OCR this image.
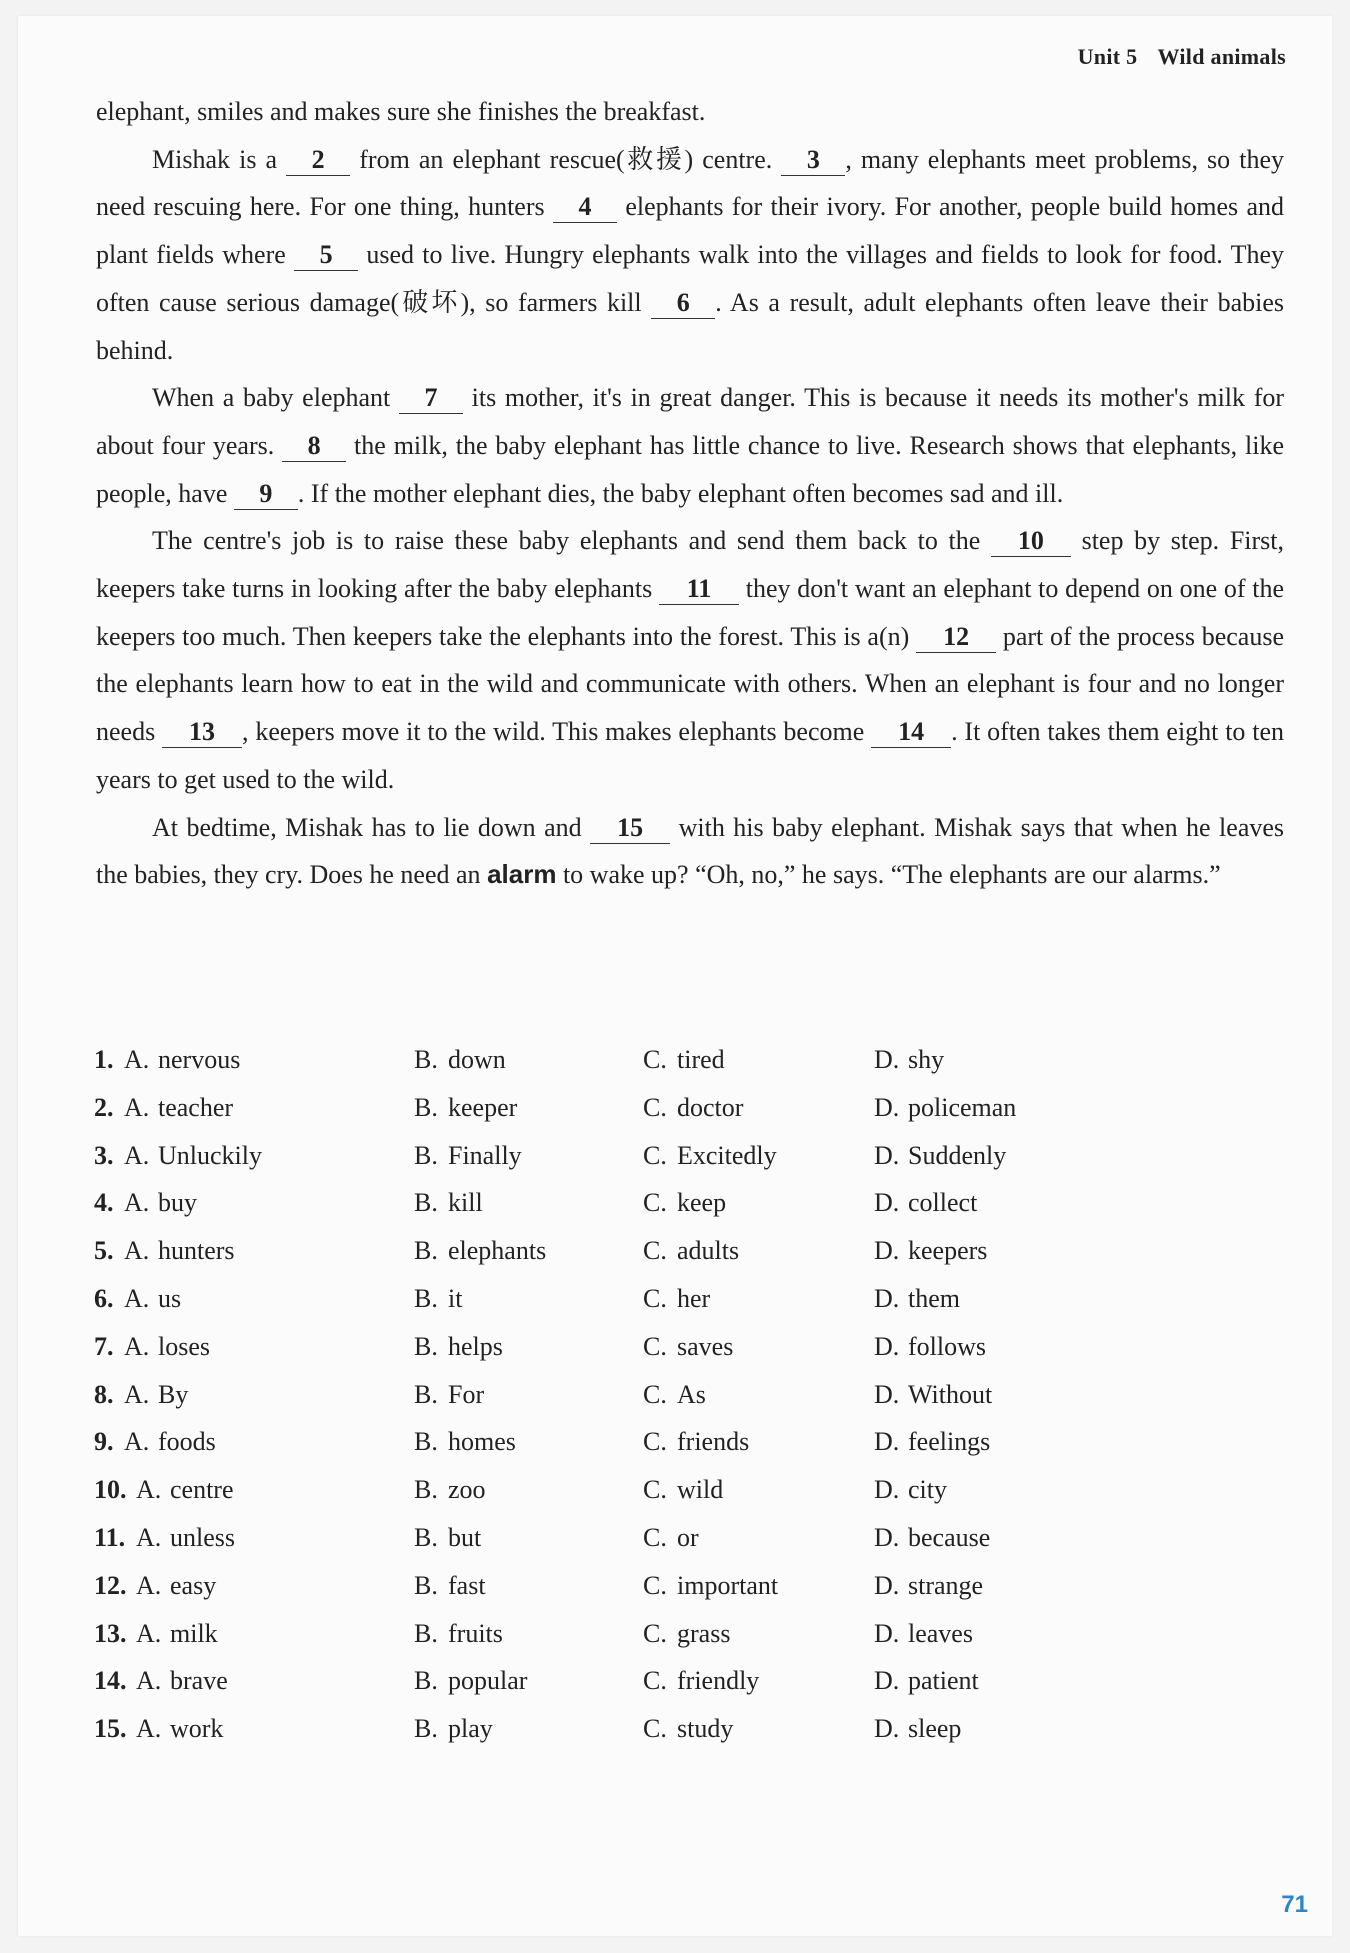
Unit 5 Wild animals

elephant, smiles and makes sure she finishes the breakfast.

Mishak is a 2 from an elephant rescue(救援) centre. 3 , many elephants meet problems, so they need rescuing here. For one thing, hunters 4 elephants for their ivory. For another, people build homes and plant fields where 5 used to live. Hungry elephants walk into the villages and fields to look for food. They often cause serious damage(破坏), so farmers kill 6 . As a result, adult elephants often leave their babies behind.

When a baby elephant 7 its mother, it's in great danger. This is because it needs its mother's milk for about four years. 8 the milk, the baby elephant has little chance to live. Research shows that elephants, like people, have 9 . If the mother elephant dies, the baby elephant often becomes sad and ill.

The centre's job is to raise these baby elephants and send them back to the 10 step by step. First, keepers take turns in looking after the baby elephants 11 they don't want an elephant to depend on one of the keepers too much. Then keepers take the elephants into the forest. This is a(n) 12 part of the process because the elephants learn how to eat in the wild and communicate with others. When an elephant is four and no longer needs 13 , keepers move it to the wild. This makes elephants become 14 . It often takes them eight to ten years to get used to the wild.

At bedtime, Mishak has to lie down and 15 with his baby elephant. Mishak says that when he leaves the babies, they cry. Does he need an alarm to wake up? “Oh, no,” he says. “The elephants are our alarms.”

1. A. nervous	B. down	C. tired	D. shy
2. A. teacher	B. keeper	C. doctor	D. policeman
3. A. Unluckily	B. Finally	C. Excitedly	D. Suddenly
4. A. buy	B. kill	C. keep	D. collect
5. A. hunters	B. elephants	C. adults	D. keepers
6. A. us	B. it	C. her	D. them
7. A. loses	B. helps	C. saves	D. follows
8. A. By	B. For	C. As	D. Without
9. A. foods	B. homes	C. friends	D. feelings
10. A. centre	B. zoo	C. wild	D. city
11. A. unless	B. but	C. or	D. because
12. A. easy	B. fast	C. important	D. strange
13. A. milk	B. fruits	C. grass	D. leaves
14. A. brave	B. popular	C. friendly	D. patient
15. A. work	B. play	C. study	D. sleep
71
